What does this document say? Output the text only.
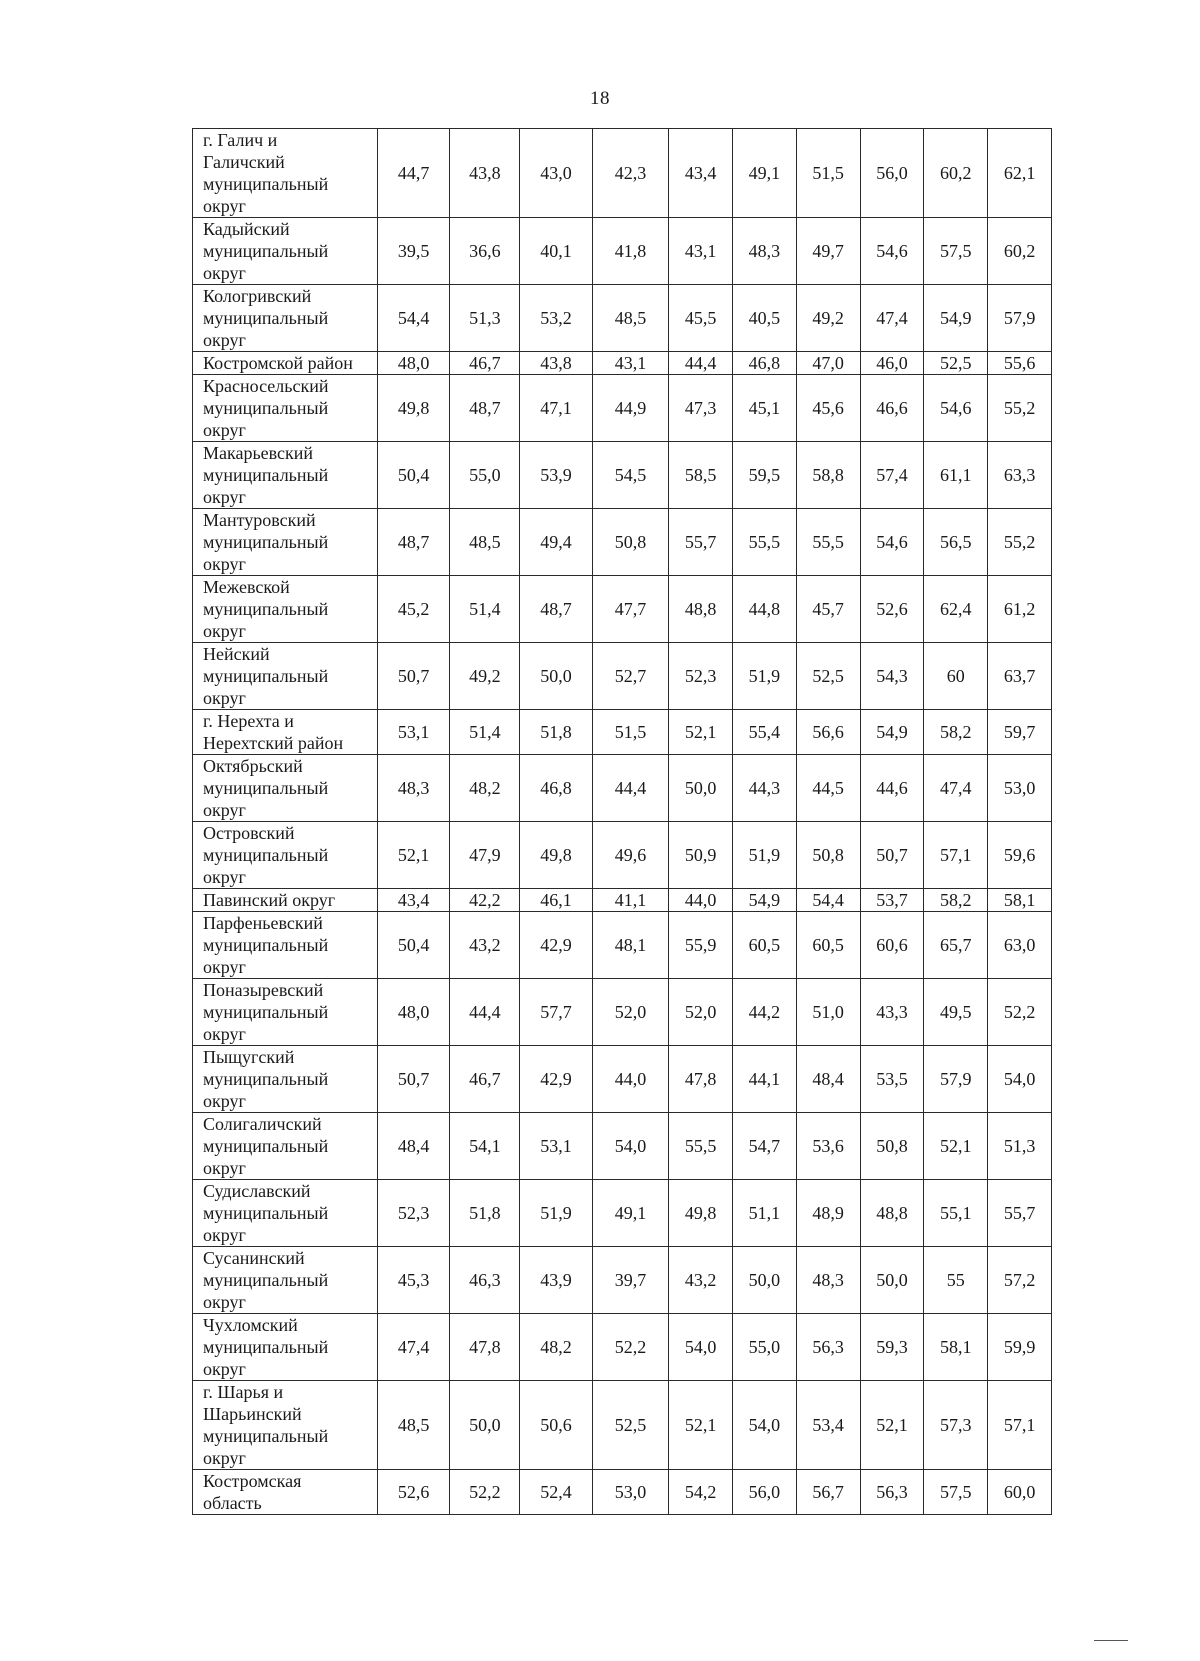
18
г. Галич и
Галичский
муниципальный
округ	44,7	43,8	43,0	42,3	43,4	49,1	51,5	56,0	60,2	62,1
Кадыйский
муниципальный
округ	39,5	36,6	40,1	41,8	43,1	48,3	49,7	54,6	57,5	60,2
Кологривский
муниципальный
округ	54,4	51,3	53,2	48,5	45,5	40,5	49,2	47,4	54,9	57,9
Костромской район	48,0	46,7	43,8	43,1	44,4	46,8	47,0	46,0	52,5	55,6
Красносельский
муниципальный
округ	49,8	48,7	47,1	44,9	47,3	45,1	45,6	46,6	54,6	55,2
Макарьевский
муниципальный
округ	50,4	55,0	53,9	54,5	58,5	59,5	58,8	57,4	61,1	63,3
Мантуровский
муниципальный
округ	48,7	48,5	49,4	50,8	55,7	55,5	55,5	54,6	56,5	55,2
Межевской
муниципальный
округ	45,2	51,4	48,7	47,7	48,8	44,8	45,7	52,6	62,4	61,2
Нейский
муниципальный
округ	50,7	49,2	50,0	52,7	52,3	51,9	52,5	54,3	60	63,7
г. Нерехта и
Нерехтский район	53,1	51,4	51,8	51,5	52,1	55,4	56,6	54,9	58,2	59,7
Октябрьский
муниципальный
округ	48,3	48,2	46,8	44,4	50,0	44,3	44,5	44,6	47,4	53,0
Островский
муниципальный
округ	52,1	47,9	49,8	49,6	50,9	51,9	50,8	50,7	57,1	59,6
Павинский округ	43,4	42,2	46,1	41,1	44,0	54,9	54,4	53,7	58,2	58,1
Парфеньевский
муниципальный
округ	50,4	43,2	42,9	48,1	55,9	60,5	60,5	60,6	65,7	63,0
Поназыревский
муниципальный
округ	48,0	44,4	57,7	52,0	52,0	44,2	51,0	43,3	49,5	52,2
Пыщугский
муниципальный
округ	50,7	46,7	42,9	44,0	47,8	44,1	48,4	53,5	57,9	54,0
Солигаличский
муниципальный
округ	48,4	54,1	53,1	54,0	55,5	54,7	53,6	50,8	52,1	51,3
Судиславский
муниципальный
округ	52,3	51,8	51,9	49,1	49,8	51,1	48,9	48,8	55,1	55,7
Сусанинский
муниципальный
округ	45,3	46,3	43,9	39,7	43,2	50,0	48,3	50,0	55	57,2
Чухломский
муниципальный
округ	47,4	47,8	48,2	52,2	54,0	55,0	56,3	59,3	58,1	59,9
г. Шарья и
Шарьинский
муниципальный
округ	48,5	50,0	50,6	52,5	52,1	54,0	53,4	52,1	57,3	57,1
Костромская
область	52,6	52,2	52,4	53,0	54,2	56,0	56,7	56,3	57,5	60,0
